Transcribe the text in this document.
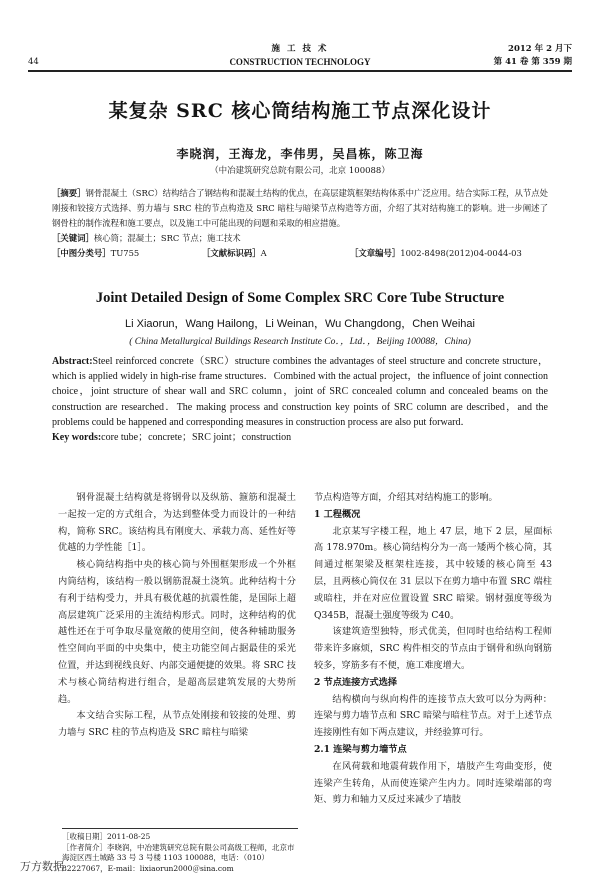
44
施 工 技 术
CONSTRUCTION TECHNOLOGY
2012 年 2 月下
第 41 卷 第 359 期
某复杂 SRC 核心筒结构施工节点深化设计
李晓润，王海龙，李伟男，吴昌栋，陈卫海
（中冶建筑研究总院有限公司，北京 100088）
［摘要］钢骨混凝土（SRC）结构结合了钢结构和混凝土结构的优点，在高层建筑框架结构体系中广泛应用。结合实际工程，从节点处刚接和铰接方式选择、剪力墙与 SRC 柱的节点构造及 SRC 暗柱与暗梁节点构造等方面，介绍了其对结构施工的影响。进一步阐述了钢骨柱的制作流程和施工要点，以及施工中可能出现的问题和采取的相应措施。
［关键词］核心筒；混凝土；SRC 节点；施工技术
［中图分类号］TU755	［文献标识码］A	［文章编号］1002-8498(2012)04-0044-03
Joint Detailed Design of Some Complex SRC Core Tube Structure
Li Xiaorun，Wang Hailong，Li Weinan，Wu Changdong，Chen Weihai
( China Metallurgical Buildings Research Institute Co．，Ltd．，Beijing 100088，China)
Abstract:Steel reinforced concrete（SRC）structure combines the advantages of steel structure and concrete structure，which is applied widely in high-rise frame structures．Combined with the actual project，the influence of joint connection choice，joint structure of shear wall and SRC column，joint of SRC concealed column and concealed beams on the construction are researched．The making process and construction key points of SRC column are described，and the problems could be happened and corresponding measures in construction process are also put forward．
Key words:core tube；concrete；SRC joint；construction

钢骨混凝土结构就是将钢骨以及纵筋、箍筋和混凝土一起按一定的方式组合，为达到整体受力而设计的一种结构，简称 SRC。该结构具有刚度大、承载力高、延性好等优越的力学性能［1］。

核心筒结构指中央的核心筒与外围框架形成一个外框内筒结构，该结构一般以钢筋混凝土浇筑。此种结构十分有利于结构受力，并具有极优越的抗震性能，是国际上超高层建筑广泛采用的主流结构形式。同时，这种结构的优越性还在于可争取尽量宽敞的使用空间，使各种辅助服务性空间向平面的中央集中，使主功能空间占据最佳的采光位置，并达到视线良好、内部交通便捷的效果。将 SRC 技术与核心筒结构进行组合，是超高层建筑发展的大势所趋。

本文结合实际工程，从节点处刚接和铰接的处理、剪力墙与 SRC 柱的节点构造及 SRC 暗柱与暗梁

节点构造等方面，介绍其对结构施工的影响。

1 工程概况

北京某写字楼工程，地上 47 层，地下 2 层，屋面标高 178.970m。核心筒结构分为一高一矮两个核心筒，其间通过框架梁及框架柱连接，其中较矮的核心筒至 43 层，且两核心筒仅在 31 层以下在剪力墙中布置 SRC 端柱或暗柱，并在对应位置设置 SRC 暗梁。钢材强度等级为 Q345B，混凝土强度等级为 C40。

该建筑造型独特，形式优美，但同时也给结构工程师带来许多麻烦，SRC 构件相交的节点由于钢骨和纵向钢筋较多，穿筋多有不便，施工难度增大。

2 节点连接方式选择

结构横向与纵向构件的连接节点大致可以分为两种：连梁与剪力墙节点和 SRC 暗梁与暗柱节点。对于上述节点连接刚性有如下两点建议，并经验算可行。

2.1 连梁与剪力墙节点

在风荷载和地震荷载作用下，墙肢产生弯曲变形，使连梁产生转角，从而使连梁产生内力。同时连梁端部的弯矩、剪力和轴力又反过来减少了墙肢

［收稿日期］2011-08-25
［作者简介］李晓润，中冶建筑研究总院有限公司高级工程师，北京市海淀区西土城路 33 号 3 号楼 1103 100088，电话：（010）82227067，E-mail：lixiaorun2000＠sina.com
万方数据
